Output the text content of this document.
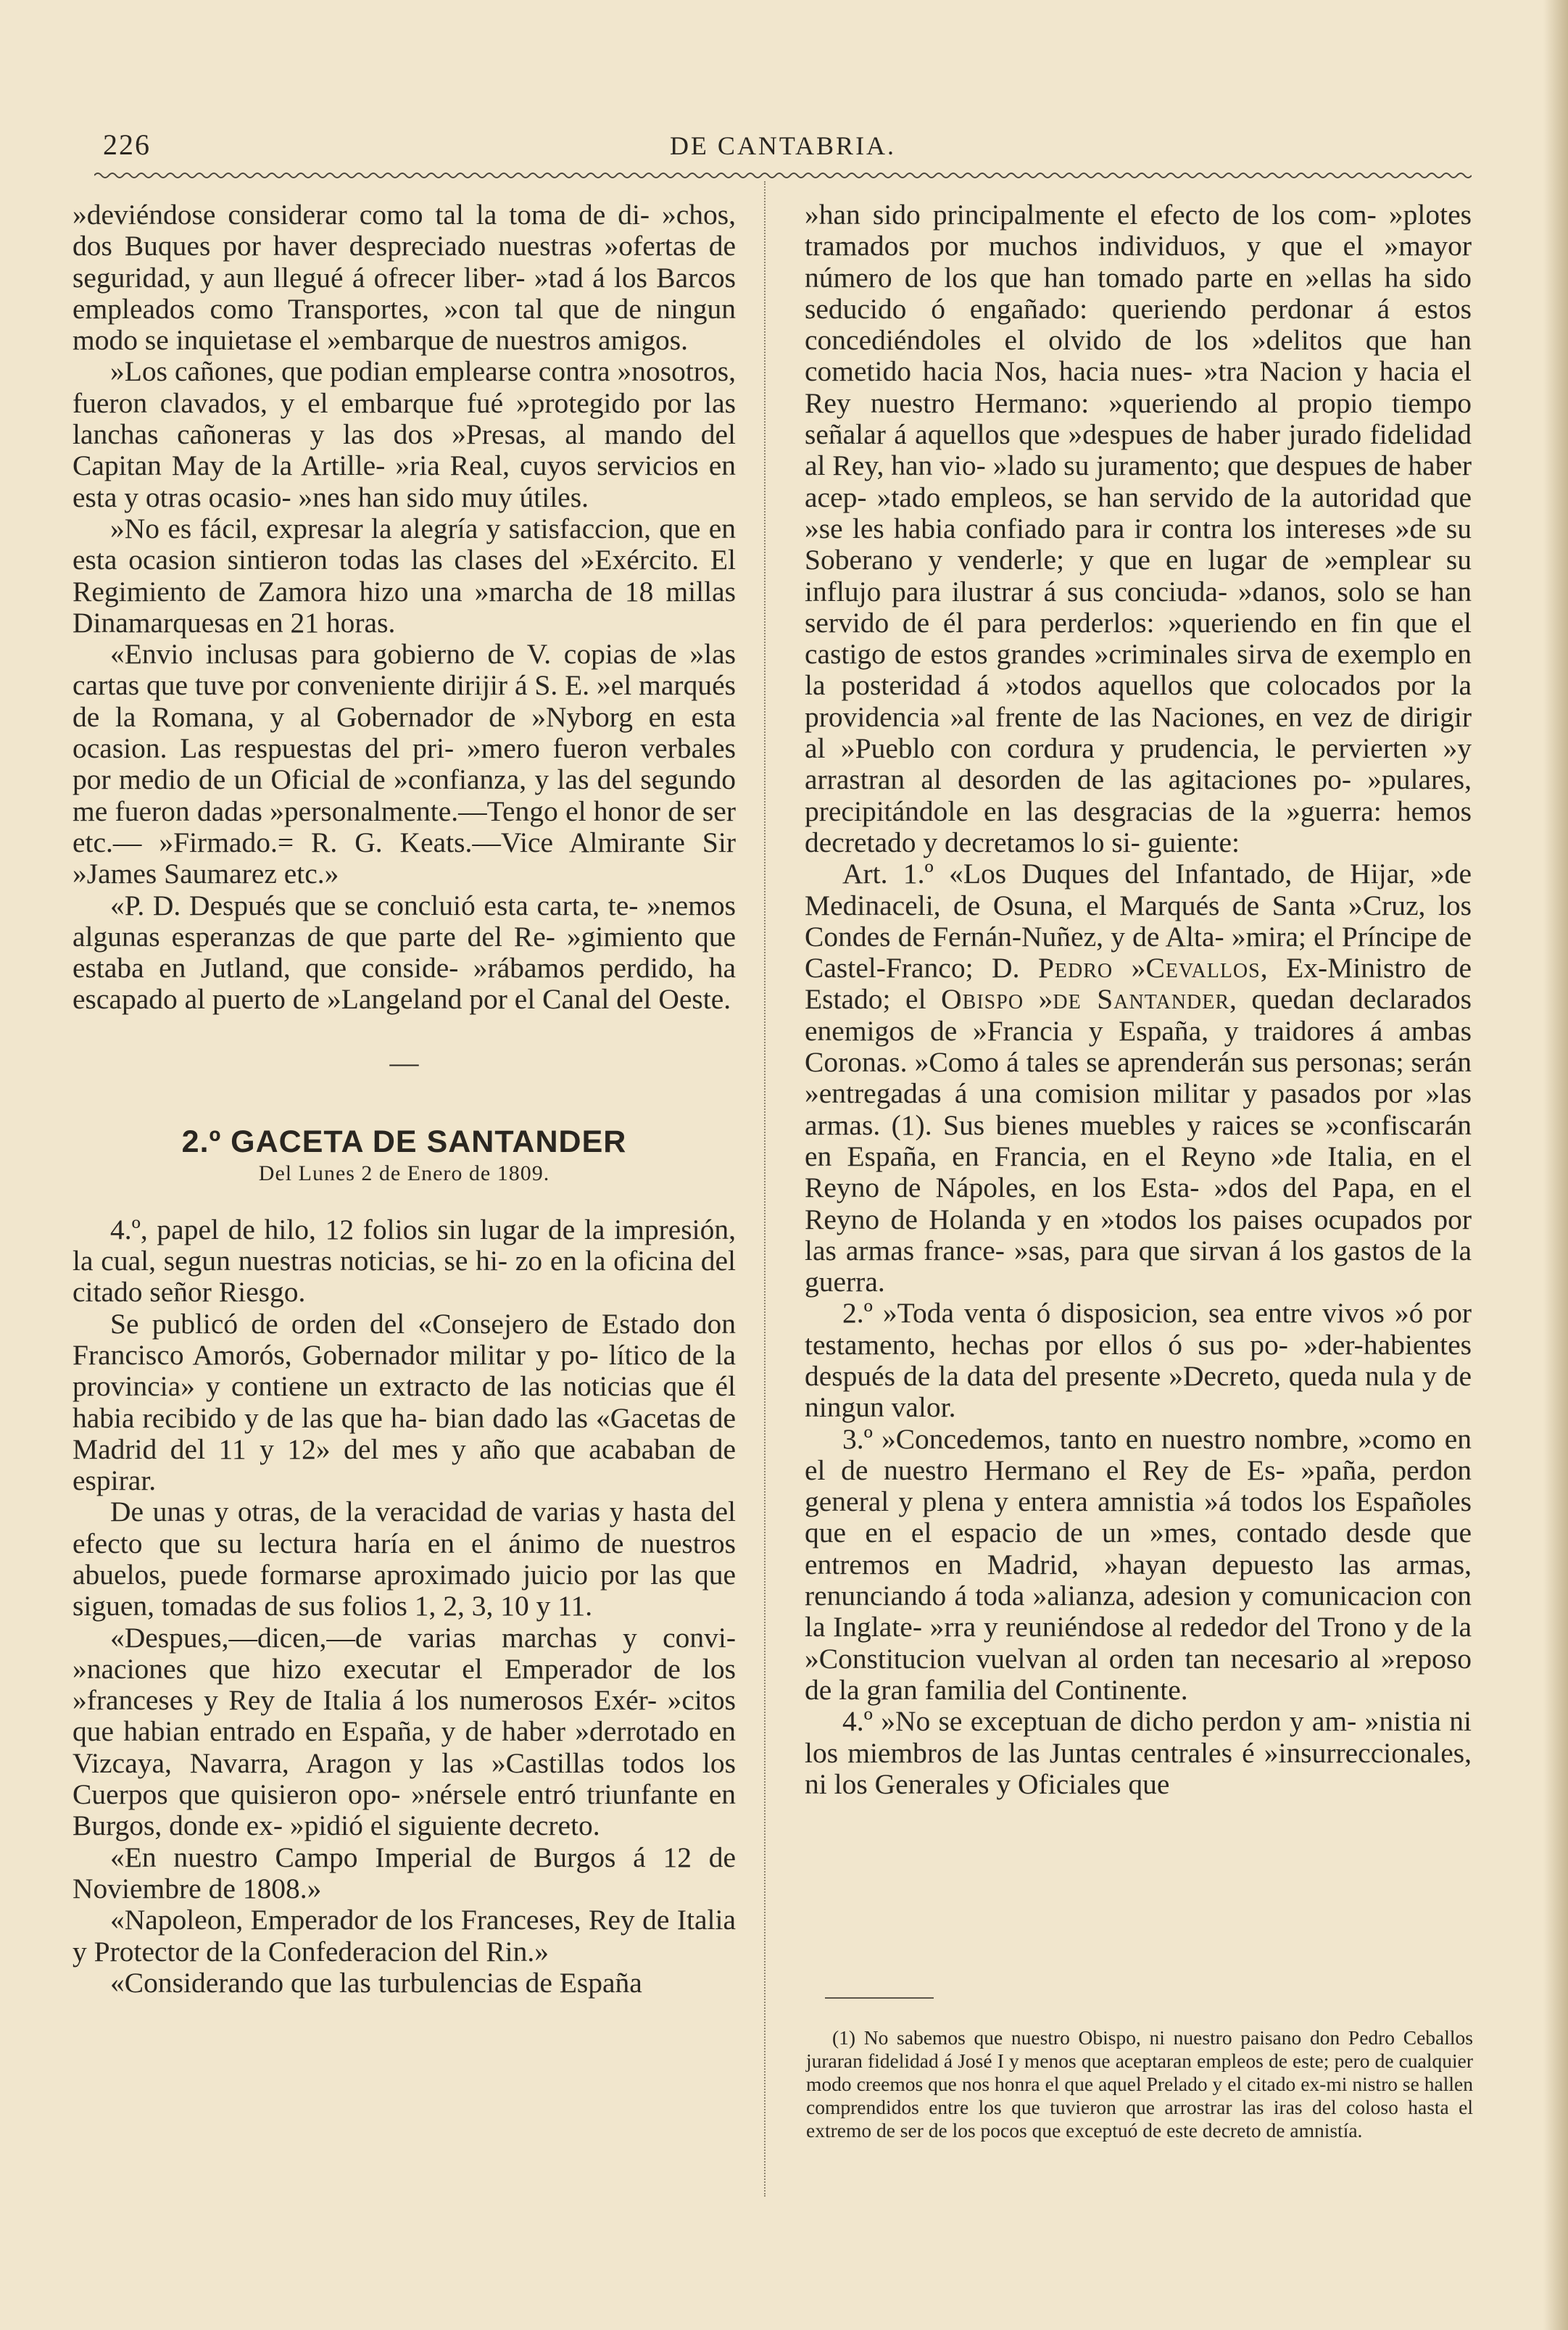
226	DE CANTABRIA.

»deviéndose considerar como tal la toma de di- »chos, dos Buques por haver despreciado nuestras »ofertas de seguridad, y aun llegué á ofrecer liber- »tad á los Barcos empleados como Transportes, »con tal que de ningun modo se inquietase el »embarque de nuestros amigos.

»Los cañones, que podian emplearse contra »nosotros, fueron clavados, y el embarque fué »protegido por las lanchas cañoneras y las dos »Presas, al mando del Capitan May de la Artille- »ria Real, cuyos servicios en esta y otras ocasio- »nes han sido muy útiles.

»No es fácil, expresar la alegría y satisfaccion, que en esta ocasion sintieron todas las clases del »Exército. El Regimiento de Zamora hizo una »marcha de 18 millas Dinamarquesas en 21 horas.

«Envio inclusas para gobierno de V. copias de »las cartas que tuve por conveniente dirijir á S. E. »el marqués de la Romana, y al Gobernador de »Nyborg en esta ocasion. Las respuestas del pri- »mero fueron verbales por medio de un Oficial de »confianza, y las del segundo me fueron dadas »personalmente.—Tengo el honor de ser etc.— »Firmado.= R. G. Keats.—Vice Almirante Sir »James Saumarez etc.»

«P. D. Después que se concluió esta carta, te- »nemos algunas esperanzas de que parte del Re- »gimiento que estaba en Jutland, que conside- »rábamos perdido, ha escapado al puerto de »Langeland por el Canal del Oeste.

—
2.º GACETA DE SANTANDER
Del Lunes 2 de Enero de 1809.

4.º, papel de hilo, 12 folios sin lugar de la impresión, la cual, segun nuestras noticias, se hi- zo en la oficina del citado señor Riesgo.

Se publicó de orden del «Consejero de Estado don Francisco Amorós, Gobernador militar y po- lítico de la provincia» y contiene un extracto de las noticias que él habia recibido y de las que ha- bian dado las «Gacetas de Madrid del 11 y 12» del mes y año que acababan de espirar.

De unas y otras, de la veracidad de varias y hasta del efecto que su lectura haría en el ánimo de nuestros abuelos, puede formarse aproximado juicio por las que siguen, tomadas de sus folios 1, 2, 3, 10 y 11.

«Despues,—dicen,—de varias marchas y convi- »naciones que hizo executar el Emperador de los »franceses y Rey de Italia á los numerosos Exér- »citos que habian entrado en España, y de haber »derrotado en Vizcaya, Navarra, Aragon y las »Castillas todos los Cuerpos que quisieron opo- »nérsele entró triunfante en Burgos, donde ex- »pidió el siguiente decreto.

«En nuestro Campo Imperial de Burgos á 12 de Noviembre de 1808.»

«Napoleon, Emperador de los Franceses, Rey de Italia y Protector de la Confederacion del Rin.»

«Considerando que las turbulencias de España

»han sido principalmente el efecto de los com- »plotes tramados por muchos individuos, y que el »mayor número de los que han tomado parte en »ellas ha sido seducido ó engañado: queriendo perdonar á estos concediéndoles el olvido de los »delitos que han cometido hacia Nos, hacia nues- »tra Nacion y hacia el Rey nuestro Hermano: »queriendo al propio tiempo señalar á aquellos que »despues de haber jurado fidelidad al Rey, han vio- »lado su juramento; que despues de haber acep- »tado empleos, se han servido de la autoridad que »se les habia confiado para ir contra los intereses »de su Soberano y venderle; y que en lugar de »emplear su influjo para ilustrar á sus conciuda- »danos, solo se han servido de él para perderlos: »queriendo en fin que el castigo de estos grandes »criminales sirva de exemplo en la posteridad á »todos aquellos que colocados por la providencia »al frente de las Naciones, en vez de dirigir al »Pueblo con cordura y prudencia, le pervierten »y arrastran al desorden de las agitaciones po- »pulares, precipitándole en las desgracias de la »guerra: hemos decretado y decretamos lo si- guiente:

Art. 1.º «Los Duques del Infantado, de Hijar, »de Medinaceli, de Osuna, el Marqués de Santa »Cruz, los Condes de Fernán-Nuñez, y de Alta- »mira; el Príncipe de Castel-Franco; D. Pedro »Cevallos, Ex-Ministro de Estado; el Obispo »de Santander, quedan declarados enemigos de »Francia y España, y traidores á ambas Coronas. »Como á tales se aprenderán sus personas; serán »entregadas á una comision militar y pasados por »las armas. (1). Sus bienes muebles y raices se »confiscarán en España, en Francia, en el Reyno »de Italia, en el Reyno de Nápoles, en los Esta- »dos del Papa, en el Reyno de Holanda y en »todos los paises ocupados por las armas france- »sas, para que sirvan á los gastos de la guerra.

2.º »Toda venta ó disposicion, sea entre vivos »ó por testamento, hechas por ellos ó sus po- »der-habientes después de la data del presente »Decreto, queda nula y de ningun valor.

3.º »Concedemos, tanto en nuestro nombre, »como en el de nuestro Hermano el Rey de Es- »paña, perdon general y plena y entera amnistia »á todos los Españoles que en el espacio de un »mes, contado desde que entremos en Madrid, »hayan depuesto las armas, renunciando á toda »alianza, adesion y comunicacion con la Inglate- »rra y reuniéndose al rededor del Trono y de la »Constitucion vuelvan al orden tan necesario al »reposo de la gran familia del Continente.

4.º »No se exceptuan de dicho perdon y am- »nistia ni los miembros de las Juntas centrales é »insurreccionales, ni los Generales y Oficiales que

(1) No sabemos que nuestro Obispo, ni nuestro paisano don Pedro Ceballos juraran fidelidad á José I y menos que aceptaran empleos de este; pero de cualquier modo creemos que nos honra el que aquel Prelado y el citado ex-mi nistro se hallen comprendidos entre los que tuvieron que arrostrar las iras del coloso hasta el extremo de ser de los pocos que exceptuó de este decreto de amnistía.
